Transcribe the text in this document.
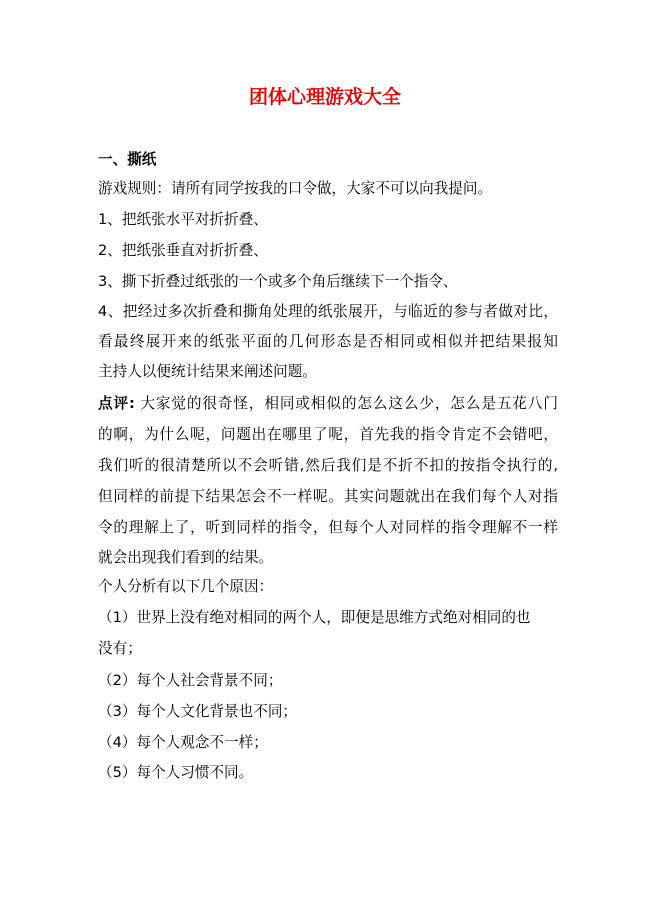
团体心理游戏大全
一、撕纸
游戏规则：请所有同学按我的口令做，大家不可以向我提问。
1、把纸张水平对折折叠、
2、把纸张垂直对折折叠、
3、撕下折叠过纸张的一个或多个角后继续下一个指令、
4、把经过多次折叠和撕角处理的纸张展开，与临近的参与者做对比，
看最终展开来的纸张平面的几何形态是否相同或相似并把结果报知
主持人以便统计结果来阐述问题。
点评: 大家觉的很奇怪，相同或相似的怎么这么少，怎么是五花八门
的啊，为什么呢，问题出在哪里了呢，首先我的指令肯定不会错吧，
我们听的很清楚所以不会听错,然后我们是不折不扣的按指令执行的,
但同样的前提下结果怎会不一样呢。其实问题就出在我们每个人对指
令的理解上了，听到同样的指令，但每个人对同样的指令理解不一样
就会出现我们看到的结果。
个人分析有以下几个原因：
（1）世界上没有绝对相同的两个人，即便是思维方式绝对相同的也
没有；
（2）每个人社会背景不同；
（3）每个人文化背景也不同；
（4）每个人观念不一样；
（5）每个人习惯不同。
